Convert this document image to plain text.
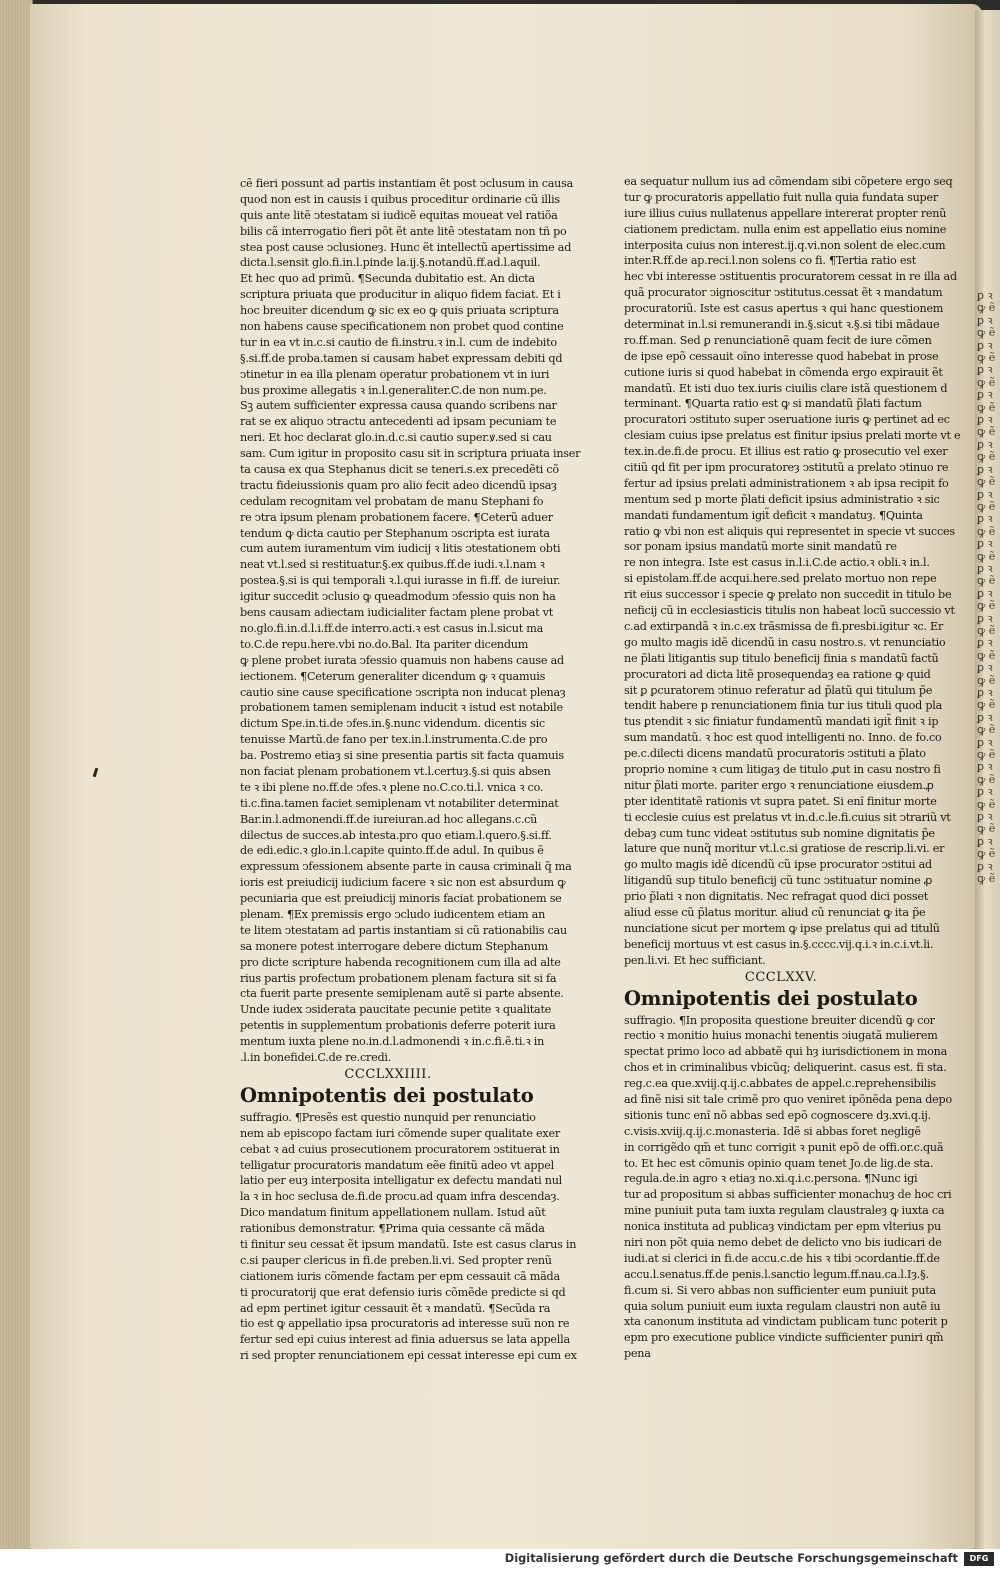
ꝑ ꝛ ꝙ ẽ ꝑ ꝛ ꝙ ẽ ꝑ ꝛ ꝙ ẽ ꝑ ꝛ ꝙ ẽ ꝑ ꝛ ꝙ ẽ ꝑ ꝛ ꝙ ẽ ꝑ ꝛ ꝙ ẽ ꝑ ꝛ ꝙ ẽ ꝑ ꝛ ꝙ ẽ ꝑ ꝛ ꝙ ẽ ꝑ ꝛ ꝙ ẽ ꝑ ꝛ ꝙ ẽ ꝑ ꝛ ꝙ ẽ ꝑ ꝛ ꝙ ẽ ꝑ ꝛ ꝙ ẽ ꝑ ꝛ ꝙ ẽ ꝑ ꝛ ꝙ ẽ ꝑ ꝛ ꝙ ẽ ꝑ ꝛ ꝙ ẽ ꝑ ꝛ ꝙ ẽ ꝑ ꝛ ꝙ ẽ ꝑ ꝛ ꝙ ẽ ꝑ ꝛ ꝙ ẽ ꝑ ꝛ ꝙ ẽ
cẽ fieri possunt ad partis instantiam ẽt post ↄclusum in causa
quod non est in causis i quibus proceditur ordinarie cũ illis
quis ante litẽ ↄtestatam si iudicẽ equitas moueat vel ratiõa
bilis cã interrogatio fieri põt ẽt ante litẽ ↄtestatam non tñ po
stea post cause ↄclusioneȝ. Hunc ẽt intellectũ apertissime ad
dicta.l.sensit glo.fi.in.l.pinde la.ij.§.notandũ.ff.ad.l.aquil.
Et hec quo ad primũ. ¶Secunda dubitatio est. An dicta
scriptura priuata que producitur in aliquo fidem faciat. Et i
hoc breuiter dicendum ꝙ sic ex eo ꝙ quis priuata scriptura
non habens cause specificationem non probet quod contine
tur in ea vt in.c.si cautio de fi.instru.ꝛ in.l. cum de indebito
§.si.ff.de proba.tamen si causam habet expressam debiti qd
ↄtinetur in ea illa plenam operatur probationem vt in iuri
bus proxime allegatis ꝛ in.l.generaliter.C.de non num.pe.
Sꝫ autem sufficienter expressa causa quando scribens nar
rat se ex aliquo ↄtractu antecedenti ad ipsam pecuniam te
neri. Et hoc declarat glo.in.d.c.si cautio super.ꝟ.sed si cau
sam. Cum igitur in proposito casu sit in scriptura priuata inser
ta causa ex qua Stephanus dicit se teneri.s.ex precedẽti cõ
tractu fideiussionis quam pro alio fecit adeo dicendũ ipsaȝ
cedulam recognitam vel probatam de manu Stephani fo
re ↄtra ipsum plenam probationem facere. ¶Ceterũ aduer
tendum ꝙ dicta cautio per Stephanum ↄscripta est iurata
cum autem iuramentum vim iudicij ꝛ litis ↄtestationem obti
neat vt.l.sed si restituatur.§.ex quibus.ff.de iudi.ꝛ.l.nam ꝛ
postea.§.si is qui temporali ꝛ.l.qui iurasse in fi.ff. de iureiur.
igitur succedit ↄclusio ꝙ queadmodum ↄfessio quis non ha
bens causam adiectam iudicialiter factam plene probat vt
no.glo.fi.in.d.l.i.ff.de interro.acti.ꝛ est casus in.l.sicut ma
to.C.de repu.here.vbi no.do.Bal. Ita pariter dicendum
ꝙ plene probet iurata ↄfessio quamuis non habens cause ad
iectionem. ¶Ceterum generaliter dicendum ꝙ ꝛ quamuis
cautio sine cause specificatione ↄscripta non inducat plenaȝ
probationem tamen semiplenam inducit ꝛ istud est notabile
dictum Spe.in.ti.de ↄfes.in.§.nunc videndum. dicentis sic
tenuisse Martũ.de fano per tex.in.l.instrumenta.C.de pro
ba. Postremo etiaȝ si sine presentia partis sit facta quamuis
non faciat plenam probationem vt.l.certuȝ.§.si quis absen
te ꝛ ibi plene no.ff.de ↄfes.ꝛ plene no.C.co.ti.l. vnica ꝛ co.
ti.c.fina.tamen faciet semiplenam vt notabiliter determinat
Bar.in.l.admonendi.ff.de iureiuran.ad hoc allegans.c.cũ
dilectus de succes.ab intesta.pro quo etiam.l.quero.§.si.ff.
de edi.edic.ꝛ glo.in.l.capite quinto.ff.de adul. In quibus ẽ
expressum ↄfessionem absente parte in causa criminali q̃ ma
ioris est preiudicij iudicium facere ꝛ sic non est absurdum ꝙ
pecuniaria que est preiudicij minoris faciat probationem se
plenam. ¶Ex premissis ergo ↄcludo iudicentem etiam an
te litem ↄtestatam ad partis instantiam si cũ rationabilis cau
sa monere potest interrogare debere dictum Stephanum
pro dicte scripture habenda recognitionem cum illa ad alte
rius partis profectum probationem plenam factura sit si fa
cta fuerit parte presente semiplenam autẽ si parte absente.
Unde iudex ↄsiderata paucitate pecunie petite ꝛ qualitate
petentis in supplementum probationis deferre poterit iura
mentum iuxta plene no.in.d.l.admonendi ꝛ in.c.fi.ẽ.ti.ꝛ in
.l.in bonefidei.C.de re.credi.
CCCLXXIIII.
Omnipotentis dei postulato
suffragio. ¶Presẽs est questio nunquid per renunciatio
nem ab episcopo factam iuri cõmende super qualitate exer
cebat ꝛ ad cuius prosecutionem procuratorem ↄstituerat in
telligatur procuratoris mandatum eẽe finitũ adeo vt appel
latio per euȝ interposita intelligatur ex defectu mandati nul
la ꝛ in hoc seclusa de.fi.de procu.ad quam infra descendaȝ.
Dico mandatum finitum appellationem nullam. Istud aũt
rationibus demonstratur. ¶Prima quia cessante cã mãda
ti finitur seu cessat ẽt ipsum mandatũ. Iste est casus clarus in
c.si pauper clericus in fi.de preben.li.vi. Sed propter renũ
ciationem iuris cõmende factam per epm cessauit cã mãda
ti procuratorij que erat defensio iuris cõmẽde predicte si qd
ad epm pertinet igitur cessauit ẽt ꝛ mandatũ. ¶Secũda ra
tio est ꝙ appellatio ipsa procuratoris ad interesse suũ non re
fertur sed epi cuius interest ad finia aduersus se lata appella
ri sed propter renunciationem epi cessat interesse epi cum ex
ea sequatur nullum ius ad cõmendam sibi cõpetere ergo seq
tur ꝙ procuratoris appellatio fuit nulla quia fundata super
iure illius cuius nullatenus appellare intererat propter renũ
ciationem predictam. nulla enim est appellatio eius nomine
interposita cuius non interest.ij.q.vi.non solent de elec.cum
inter.R.ff.de ap.reci.l.non solens co fi. ¶Tertia ratio est
hec vbi interesse ↄstituentis procuratorem cessat in re illa ad
quã procurator ↄignoscitur ↄstitutus.cessat ẽt ꝛ mandatum
procuratoriũ. Iste est casus apertus ꝛ qui hanc questionem
determinat in.l.si remunerandi in.§.sicut ꝛ.§.si tibi mãdaue
ro.ff.man. Sed ꝑ renunciationẽ quam fecit de iure cõmen
de ipse epõ cessauit oĩno interesse quod habebat in prose
cutione iuris si quod habebat in cõmenda ergo expirauit ẽt
mandatũ. Et isti duo tex.iuris ciuilis clare istã questionem d
terminant. ¶Quarta ratio est ꝙ si mandatũ p̃lati factum
procuratori ↄstituto super ↄseruatione iuris ꝙ pertinet ad ec
clesiam cuius ipse prelatus est finitur ipsius prelati morte vt e
tex.in.de.fi.de procu. Et illius est ratio ꝙ prosecutio vel exer
citiũ qd fit per ipm procuratoreȝ ↄstitutũ a prelato ↄtinuo re
fertur ad ipsius prelati administrationem ꝛ ab ipsa recipit fo
mentum sed p morte p̃lati deficit ipsius administratio ꝛ sic
mandati fundamentum igit̃ deficit ꝛ mandatuȝ. ¶Quinta
ratio ꝙ vbi non est aliquis qui representet in specie vt succes
sor ponam ipsius mandatũ morte sinit mandatũ re
re non integra. Iste est casus in.l.i.C.de actio.ꝛ obli.ꝛ in.l.
si epistolam.ff.de acqui.here.sed prelato mortuo non repe
rit eius successor i specie ꝙ prelato non succedit in titulo be
neficij cũ in ecclesiasticis titulis non habeat locũ successio vt
c.ad extirpandã ꝛ in.c.ex trãsmissa de fi.presbi.igitur ꝛc. Er
go multo magis idẽ dicendũ in casu nostro.s. vt renunciatio
ne p̃lati litigantis sup titulo beneficij finia s mandatũ factũ
procuratori ad dicta litẽ prosequendaȝ ea ratione ꝙ quid
sit ꝑ ꝑcuratorem ↄtinuo referatur ad p̃latũ qui titulum p̃e
tendit habere p renunciationem finia tur ius tituli quod pla
tus ꝑtendit ꝛ sic finiatur fundamentũ mandati igit̃ finit ꝛ ip
sum mandatũ. ꝛ hoc est quod intelligenti no. Inno. de fo.co
pe.c.dilecti dicens mandatũ procuratoris ↄstituti a p̃lato
proprio nomine ꝛ cum litigaȝ de titulo ꝓut in casu nostro fi
nitur p̃lati morte. pariter ergo ꝛ renunciatione eiusdem.ꝓ
pter identitatẽ rationis vt supra patet. Si enĩ finitur morte
ti ecclesie cuius est prelatus vt in.d.c.le.fi.cuius sit ↄtrariũ vt
debaȝ cum tunc videat ↄstitutus sub nomine dignitatis p̃e
lature que nunq̃ moritur vt.l.c.si gratiose de rescrip.li.vi. er
go multo magis idẽ dicendũ cũ ipse procurator ↄstitui ad
litigandũ sup titulo beneficij cũ tunc ↄstituatur nomine ꝓ
prio p̃lati ꝛ non dignitatis. Nec refragat quod dici posset
aliud esse cũ p̃latus moritur. aliud cũ renunciat ꝙ ita p̃e
nunciatione sicut per mortem ꝙ ipse prelatus qui ad titulũ
beneficij mortuus vt est casus in.§.cccc.vij.q.i.ꝛ in.c.i.vt.li.
pen.li.vi. Et hec sufficiant.
CCCLXXV.
Omnipotentis dei postulato
suffragio. ¶In proposita questione breuiter dicendũ ꝙ cor
rectio ꝛ monitio huius monachi tenentis ↄiugatã mulierem
spectat primo loco ad abbatẽ qui hȝ iurisdictionem in mona
chos et in criminalibus vbicũq; deliquerint. casus est. fi sta.
reg.c.ea que.xviij.q.ij.c.abbates de appel.c.reprehensibilis
ad finẽ nisi sit tale crimẽ pro quo veniret ipõnẽda pena depo
sitionis tunc enĩ nõ abbas sed epõ cognoscere dȝ.xvi.q.ij.
c.visis.xviij.q.ij.c.monasteria. Idẽ si abbas foret negligẽ
in corrigẽdo qm̃ et tunc corrigit ꝛ punit epõ de offi.or.c.quã
to. Et hec est cõmunis opinio quam tenet Jo.de lig.de sta.
regula.de.in agro ꝛ etiaȝ no.xi.q.i.c.persona. ¶Nunc igi
tur ad propositum si abbas sufficienter monachuȝ de hoc cri
mine puniuit puta tam iuxta regulam claustraleȝ ꝙ iuxta ca
nonica instituta ad publicaȝ vindictam per epm vlterius pu
niri non põt quia nemo debet de delicto vno bis iudicari de
iudi.at si clerici in fi.de accu.c.de his ꝛ tibi ↄcordantie.ff.de
accu.l.senatus.ff.de penis.l.sanctio legum.ff.nau.ca.l.Iȝ.§.
fi.cum si. Si vero abbas non sufficienter eum puniuit puta
quia solum puniuit eum iuxta regulam claustri non autẽ iu
xta canonum instituta ad vindictam publicam tunc poterit p
epm pro executione publice vindicte sufficienter puniri qm̃
pena
Digitalisierung gefördert durch die Deutsche Forschungsgemeinschaft	DFG
